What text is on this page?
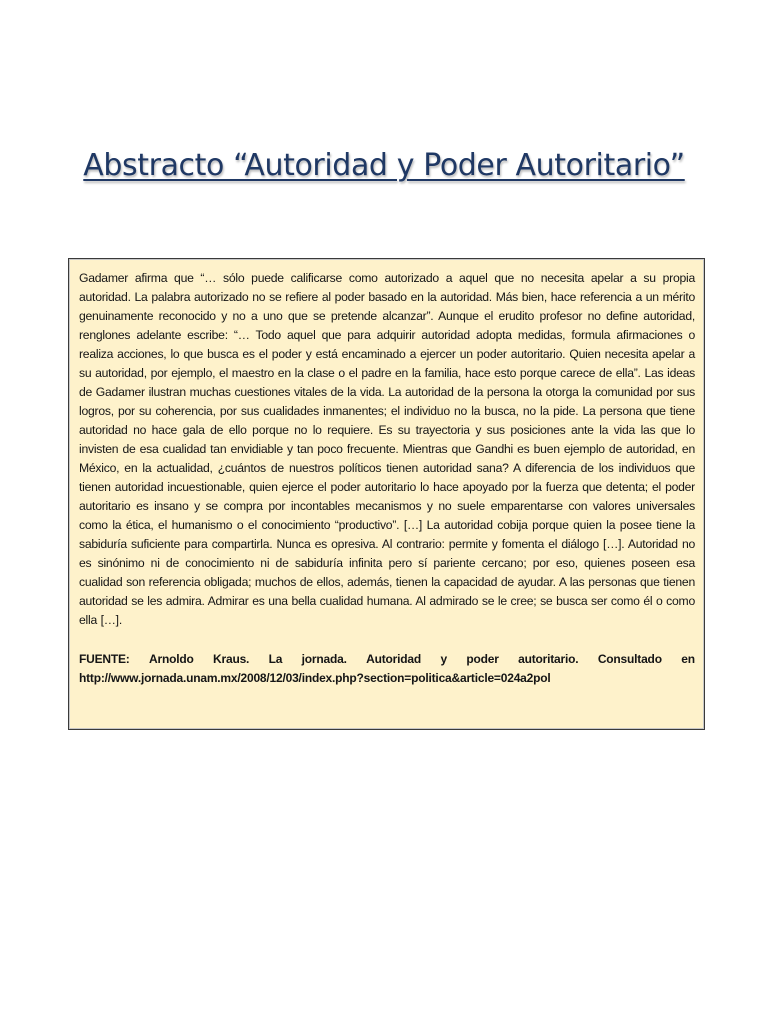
Abstracto “Autoridad y Poder Autoritario”

Gadamer afirma que “… sólo puede calificarse como autorizado a aquel que no necesita apelar a su propia autoridad. La palabra autorizado no se refiere al poder basado en la autoridad. Más bien, hace referencia a un mérito genuinamente reconocido y no a uno que se pretende alcanzar”. Aunque el erudito profesor no define autoridad, renglones adelante escribe: “… Todo aquel que para adquirir autoridad adopta medidas, formula afirmaciones o realiza acciones, lo que busca es el poder y está encaminado a ejercer un poder autoritario. Quien necesita apelar a su autoridad, por ejemplo, el maestro en la clase o el padre en la familia, hace esto porque carece de ella”. Las ideas de Gadamer ilustran muchas cuestiones vitales de la vida. La autoridad de la persona la otorga la comunidad por sus logros, por su coherencia, por sus cualidades inmanentes; el individuo no la busca, no la pide. La persona que tiene autoridad no hace gala de ello porque no lo requiere. Es su trayectoria y sus posiciones ante la vida las que lo invisten de esa cualidad tan envidiable y tan poco frecuente. Mientras que Gandhi es buen ejemplo de autoridad, en México, en la actualidad, ¿cuántos de nuestros políticos tienen autoridad sana? A diferencia de los individuos que tienen autoridad incuestionable, quien ejerce el poder autoritario lo hace apoyado por la fuerza que detenta; el poder autoritario es insano y se compra por incontables mecanismos y no suele emparentarse con valores universales como la ética, el humanismo o el conocimiento “productivo”. […] La autoridad cobija porque quien la posee tiene la sabiduría suficiente para compartirla. Nunca es opresiva. Al contrario: permite y fomenta el diálogo […]. Autoridad no es sinónimo ni de conocimiento ni de sabiduría infinita pero sí pariente cercano; por eso, quienes poseen esa cualidad son referencia obligada; muchos de ellos, además, tienen la capacidad de ayudar. A las personas que tienen autoridad se les admira. Admirar es una bella cualidad humana. Al admirado se le cree; se busca ser como él o como ella […].

FUENTE: Arnoldo Kraus. La jornada. Autoridad y poder autoritario. Consultado en
http://www.jornada.unam.mx/2008/12/03/index.php?section=politica&article=024a2pol
